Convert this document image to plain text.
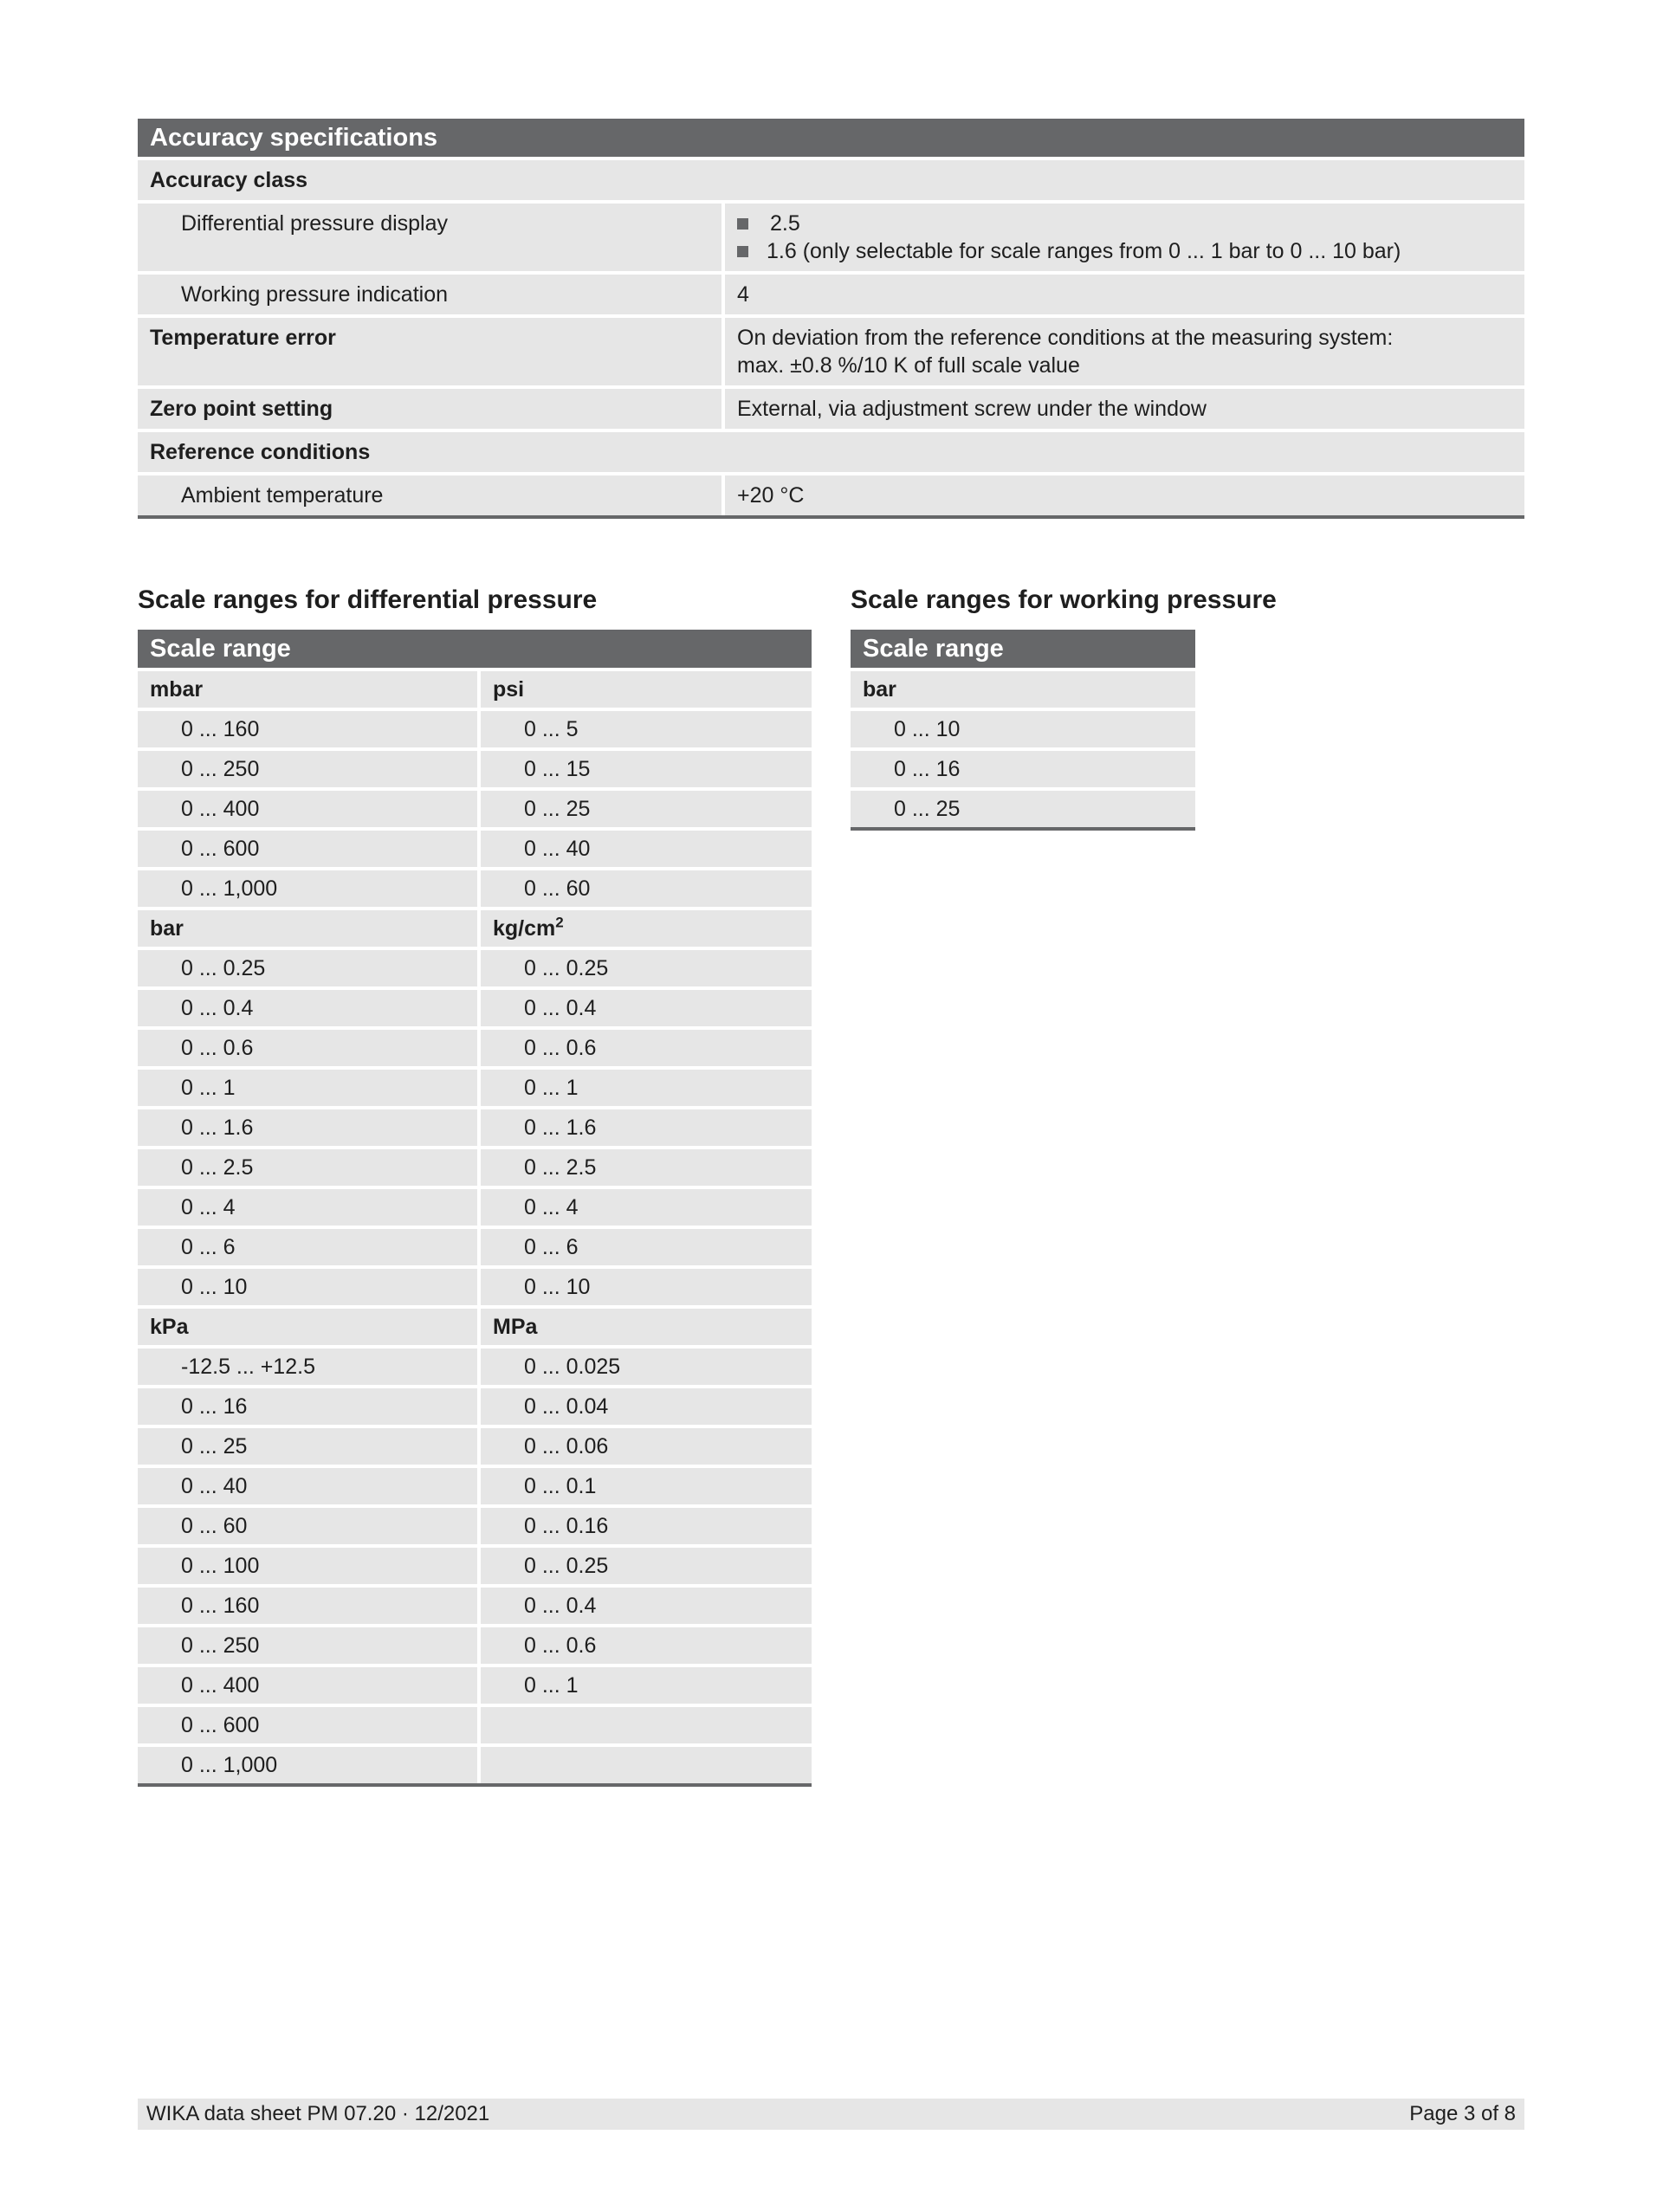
Accuracy specifications
Accuracy class
Differential pressure display	2.5
1.6 (only selectable for scale ranges from 0 ... 1 bar to 0 ... 10 bar)
Working pressure indication	4
Temperature error	On deviation from the reference conditions at the measuring system:
max. ±0.8 %/10 K of full scale value
Zero point setting	External, via adjustment screw under the window
Reference conditions
Ambient temperature	+20 °C
Scale ranges for differential pressure
Scale range
mbar	psi
0 ... 160	0 ... 5
0 ... 250	0 ... 15
0 ... 400	0 ... 25
0 ... 600	0 ... 40
0 ... 1,000	0 ... 60
bar	$kg/cm^2$
0 ... 0.25	0 ... 0.25
0 ... 0.4	0 ... 0.4
0 ... 0.6	0 ... 0.6
0 ... 1	0 ... 1
0 ... 1.6	0 ... 1.6
0 ... 2.5	0 ... 2.5
0 ... 4	0 ... 4
0 ... 6	0 ... 6
0 ... 10	0 ... 10
kPa	MPa
-12.5 ... +12.5	0 ... 0.025
0 ... 16	0 ... 0.04
0 ... 25	0 ... 0.06
0 ... 40	0 ... 0.1
0 ... 60	0 ... 0.16
0 ... 100	0 ... 0.25
0 ... 160	0 ... 0.4
0 ... 250	0 ... 0.6
0 ... 400	0 ... 1
0 ... 600
0 ... 1,000
Scale ranges for working pressure
Scale range
bar
0 ... 10
0 ... 16
0 ... 25
WIKA data sheet PM 07.20 · 12/2021	Page 3 of 8
